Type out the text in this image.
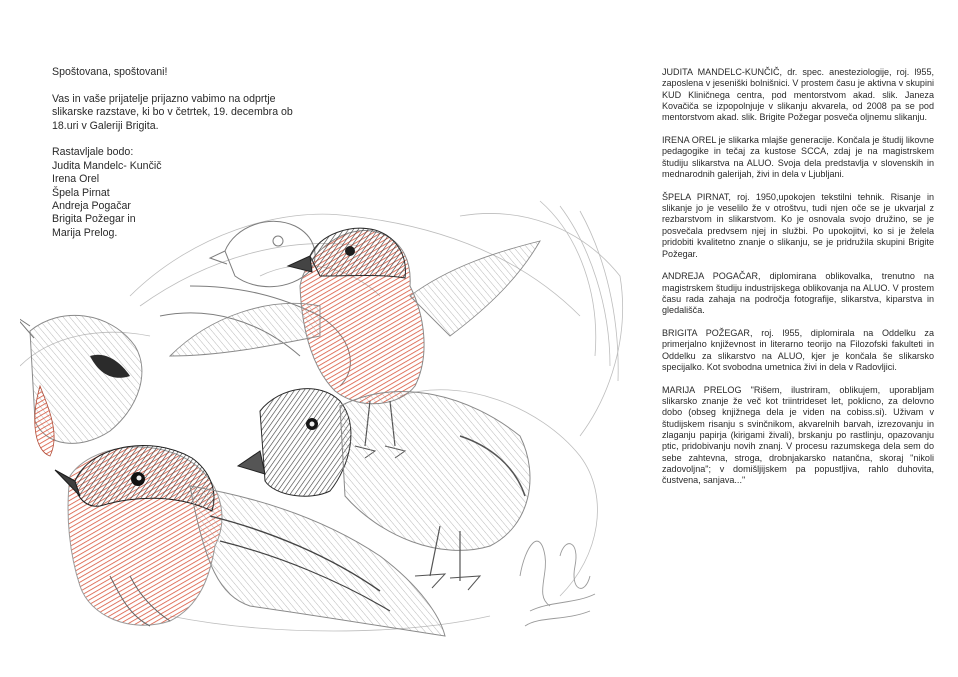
Spoštovana, spoštovani!

Vas in vaše prijatelje prijazno vabimo na odprtje slikarske razstave, ki bo v četrtek, 19. decembra ob 18.uri v Galeriji Brigita.

Rastavljale bodo:
Judita Mandelc- Kunčič
Irena Orel
Špela Pirnat
Andreja Pogačar
Brigita Požegar in
Marija Prelog.

JUDITA MANDELC-KUNČIČ, dr. spec. anesteziologije, roj. l955, zaposlena v jeseniški bolnišnici. V prostem času je aktivna v skupini KUD Kliničnega centra, pod mentorstvom akad. slik. Janeza Kovačiča se izpopolnjuje v slikanju akvarela, od 2008 pa se pod mentorstvom akad. slik. Brigite Požegar posveča oljnemu slikanju.

IRENA OREL je slikarka mlajše generacije. Končala je študij likovne pedagogike in tečaj za kustose SCCA, zdaj je na magistrskem študiju slikarstva na ALUO. Svoja dela predstavlja v slovenskih in mednarodnih galerijah, živi in dela v Ljubljani.

ŠPELA PIRNAT, roj. 1950,upokojen tekstilni tehnik. Risanje in slikanje jo je veselilo že v otroštvu, tudi njen oče se je ukvarjal z rezbarstvom in slikarstvom. Ko je osnovala svojo družino, se je posvečala predvsem njej in službi. Po upokojitvi, ko si je želela pridobiti kvalitetno znanje o slikanju, se je pridružila skupini Brigite Požegar.

ANDREJA POGAČAR, diplomirana oblikovalka, trenutno na magistrskem študiju industrijskega oblikovanja na ALUO. V prostem času rada zahaja na področja fotografije, slikarstva, kiparstva in gledališča.

BRIGITA POŽEGAR, roj. l955, diplomirala na Oddelku za primerjalno književnost in literarno teorijo na Filozofski fakulteti in Oddelku za slikarstvo na ALUO, kjer je končala še slikarsko specijalko. Kot svobodna umetnica živi in dela v Radovljici.

MARIJA PRELOG "Rišem, ilustriram, oblikujem, uporabljam slikarsko znanje že več kot triintrideset let, poklicno, za delovno dobo (obseg knjižnega dela je viden na cobiss.si). Uživam v študijskem risanju s svinčnikom, akvarelnih barvah, izrezovanju in zlaganju papirja (kirigami živali), brskanju po rastlinju, opazovanju ptic, pridobivanju novih znanj. V procesu razumskega dela sem do sebe zahtevna, stroga, drobnjakarsko natančna, skoraj "nikoli zadovoljna"; v domišljijskem pa popustljiva, rahlo duhovita, čustvena, sanjava..."
